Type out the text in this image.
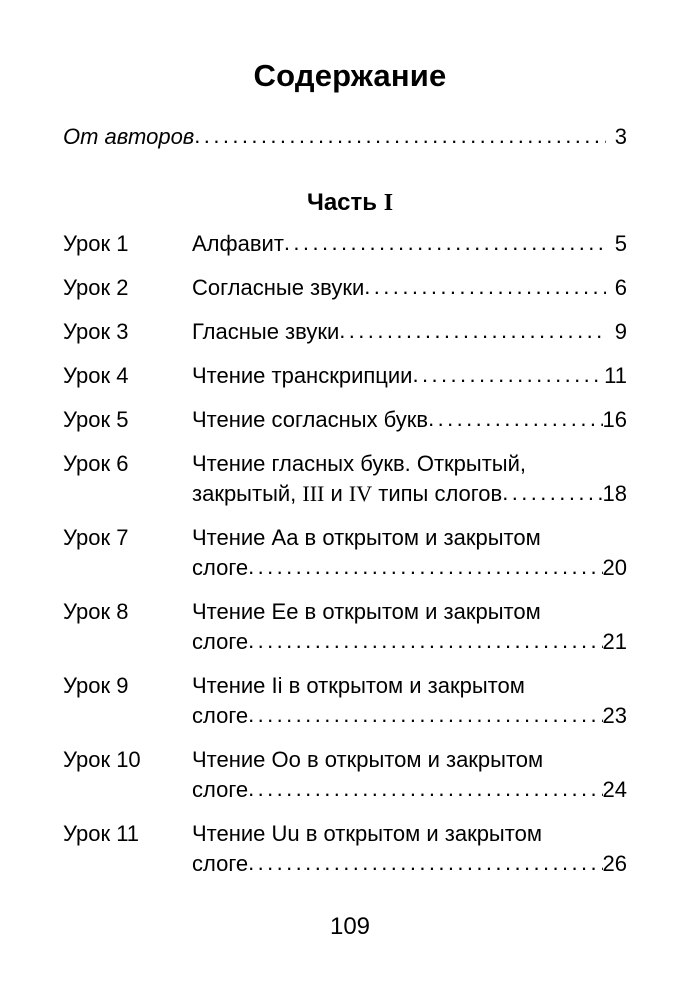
Содержание
От авторов .....	3
Часть I
Урок 1	Алфавит .....	5
Урок 2	Согласные звуки .....	6
Урок 3	Гласные звуки .....	9
Урок 4	Чтение транскрипции .....	11
Урок 5	Чтение согласных букв .....	16
Урок 6	Чтение гласных букв. Открытый,
закрытый, III и IV типы слогов .....	18
Урок 7	Чтение Aa в открытом и закрытом
слоге .....	20
Урок 8	Чтение Ee в открытом и закрытом
слоге .....	21
Урок 9	Чтение Ii в открытом и закрытом
слоге .....	23
Урок 10	Чтение Oo в открытом и закрытом
слоге .....	24
Урок 11	Чтение Uu в открытом и закрытом
слоге .....	26
109
